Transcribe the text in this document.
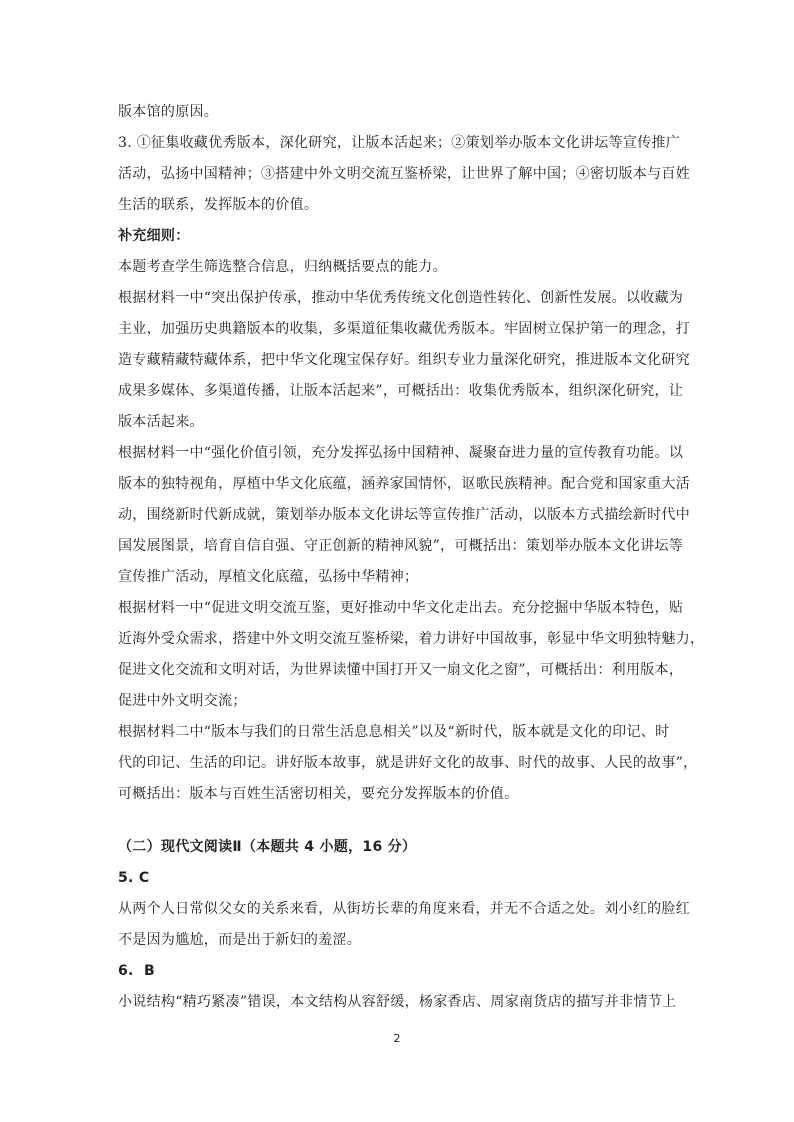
版本馆的原因。
3. ①征集收藏优秀版本，深化研究，让版本活起来；②策划举办版本文化讲坛等宣传推广
活动，弘扬中国精神；③搭建中外文明交流互鉴桥梁，让世界了解中国；④密切版本与百姓
生活的联系，发挥版本的价值。
补充细则：
本题考查学生筛选整合信息，归纳概括要点的能力。
根据材料一中“突出保护传承，推动中华优秀传统文化创造性转化、创新性发展。以收藏为
主业，加强历史典籍版本的收集，多渠道征集收藏优秀版本。牢固树立保护第一的理念，打
造专藏精藏特藏体系，把中华文化瑰宝保存好。组织专业力量深化研究，推进版本文化研究
成果多媒体、多渠道传播，让版本活起来”，可概括出：收集优秀版本，组织深化研究，让
版本活起来。
根据材料一中“强化价值引领，充分发挥弘扬中国精神、凝聚奋进力量的宣传教育功能。以
版本的独特视角，厚植中华文化底蕴，涵养家国情怀，讴歌民族精神。配合党和国家重大活
动，围绕新时代新成就，策划举办版本文化讲坛等宣传推广活动，以版本方式描绘新时代中
国发展图景，培育自信自强、守正创新的精神风貌”，可概括出：策划举办版本文化讲坛等
宣传推广活动，厚植文化底蕴，弘扬中华精神；
根据材料一中“促进文明交流互鉴，更好推动中华文化走出去。充分挖掘中华版本特色，贴
近海外受众需求，搭建中外文明交流互鉴桥梁，着力讲好中国故事，彰显中华文明独特魅力，
促进文化交流和文明对话，为世界读懂中国打开又一扇文化之窗”，可概括出：利用版本，
促进中外文明交流；
根据材料二中“版本与我们的日常生活息息相关”以及“新时代，版本就是文化的印记、时
代的印记、生活的印记。讲好版本故事，就是讲好文化的故事、时代的故事、人民的故事”，
可概括出：版本与百姓生活密切相关，要充分发挥版本的价值。
（二）现代文阅读Ⅱ（本题共 4 小题，16 分）
5. C
从两个人日常似父女的关系来看，从街坊长辈的角度来看，并无不合适之处。刘小红的脸红
不是因为尴尬，而是出于新妇的羞涩。
6.  B
小说结构“精巧紧凑”错误，本文结构从容舒缓，杨家香店、周家南货店的描写并非情节上
2
